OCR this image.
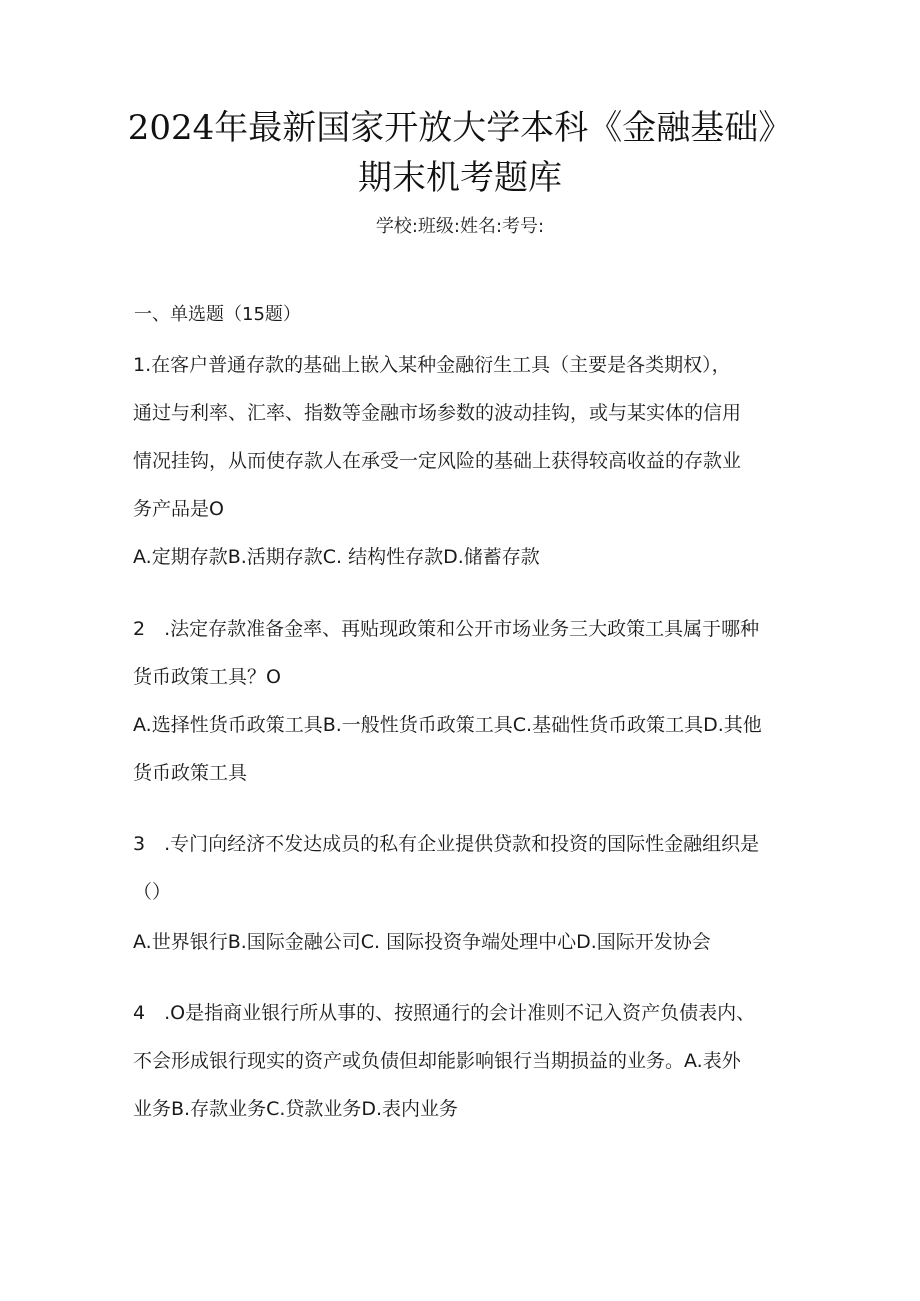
2024年最新国家开放大学本科《金融基础》
期末机考题库
学校:班级:姓名:考号:
一、单选题（15题）
1.在客户普通存款的基础上嵌入某种金融衍生工具（主要是各类期权），
通过与利率、汇率、指数等金融市场参数的波动挂钩，或与某实体的信用
情况挂钩，从而使存款人在承受一定风险的基础上获得较高收益的存款业
务产品是O
A.定期存款B.活期存款C. 结构性存款D.储蓄存款
2　.法定存款准备金率、再贴现政策和公开市场业务三大政策工具属于哪种
货币政策工具？O
A.选择性货币政策工具B.一般性货币政策工具C.基础性货币政策工具D.其他
货币政策工具
3　.专门向经济不发达成员的私有企业提供贷款和投资的国际性金融组织是
（）
A.世界银行B.国际金融公司C. 国际投资争端处理中心D.国际开发协会
4　.O是指商业银行所从事的、按照通行的会计准则不记入资产负债表内、
不会形成银行现实的资产或负债但却能影响银行当期损益的业务。A.表外
业务B.存款业务C.贷款业务D.表内业务
